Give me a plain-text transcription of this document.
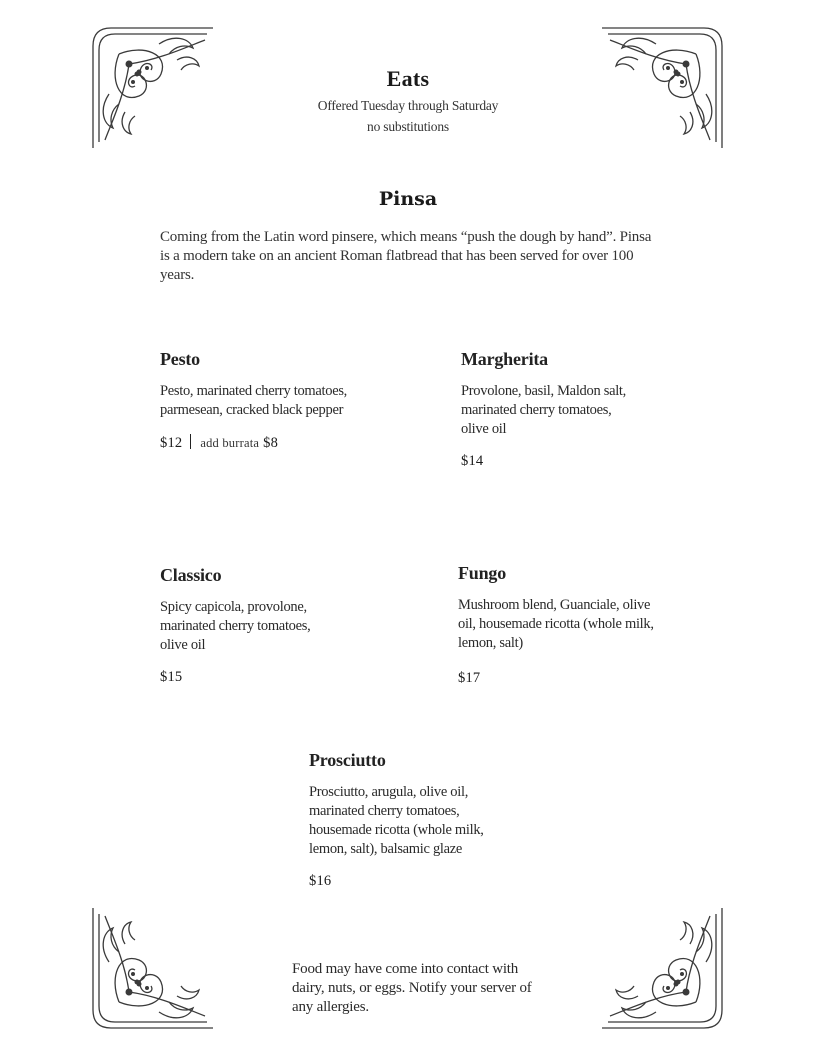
Eats
Offered Tuesday through Saturday
no substitutions
Pinsa
Coming from the Latin word pinsere, which means “push the dough by hand”. Pinsa is a modern take on an ancient Roman flatbread that has been served for over 100 years.
Pesto
Pesto, marinated cherry tomatoes, parmesean, cracked black pepper
$12 add burrata $8
Margherita
Provolone, basil, Maldon salt, marinated cherry tomatoes, olive oil
$14
Classico
Spicy capicola, provolone, marinated cherry tomatoes, olive oil
$15
Fungo
Mushroom blend, Guanciale, olive oil, housemade ricotta (whole milk, lemon, salt)
$17
Prosciutto
Prosciutto, arugula, olive oil, marinated cherry tomatoes, housemade ricotta (whole milk, lemon, salt), balsamic glaze
$16
Food may have come into contact with dairy, nuts, or eggs. Notify your server of any allergies.
